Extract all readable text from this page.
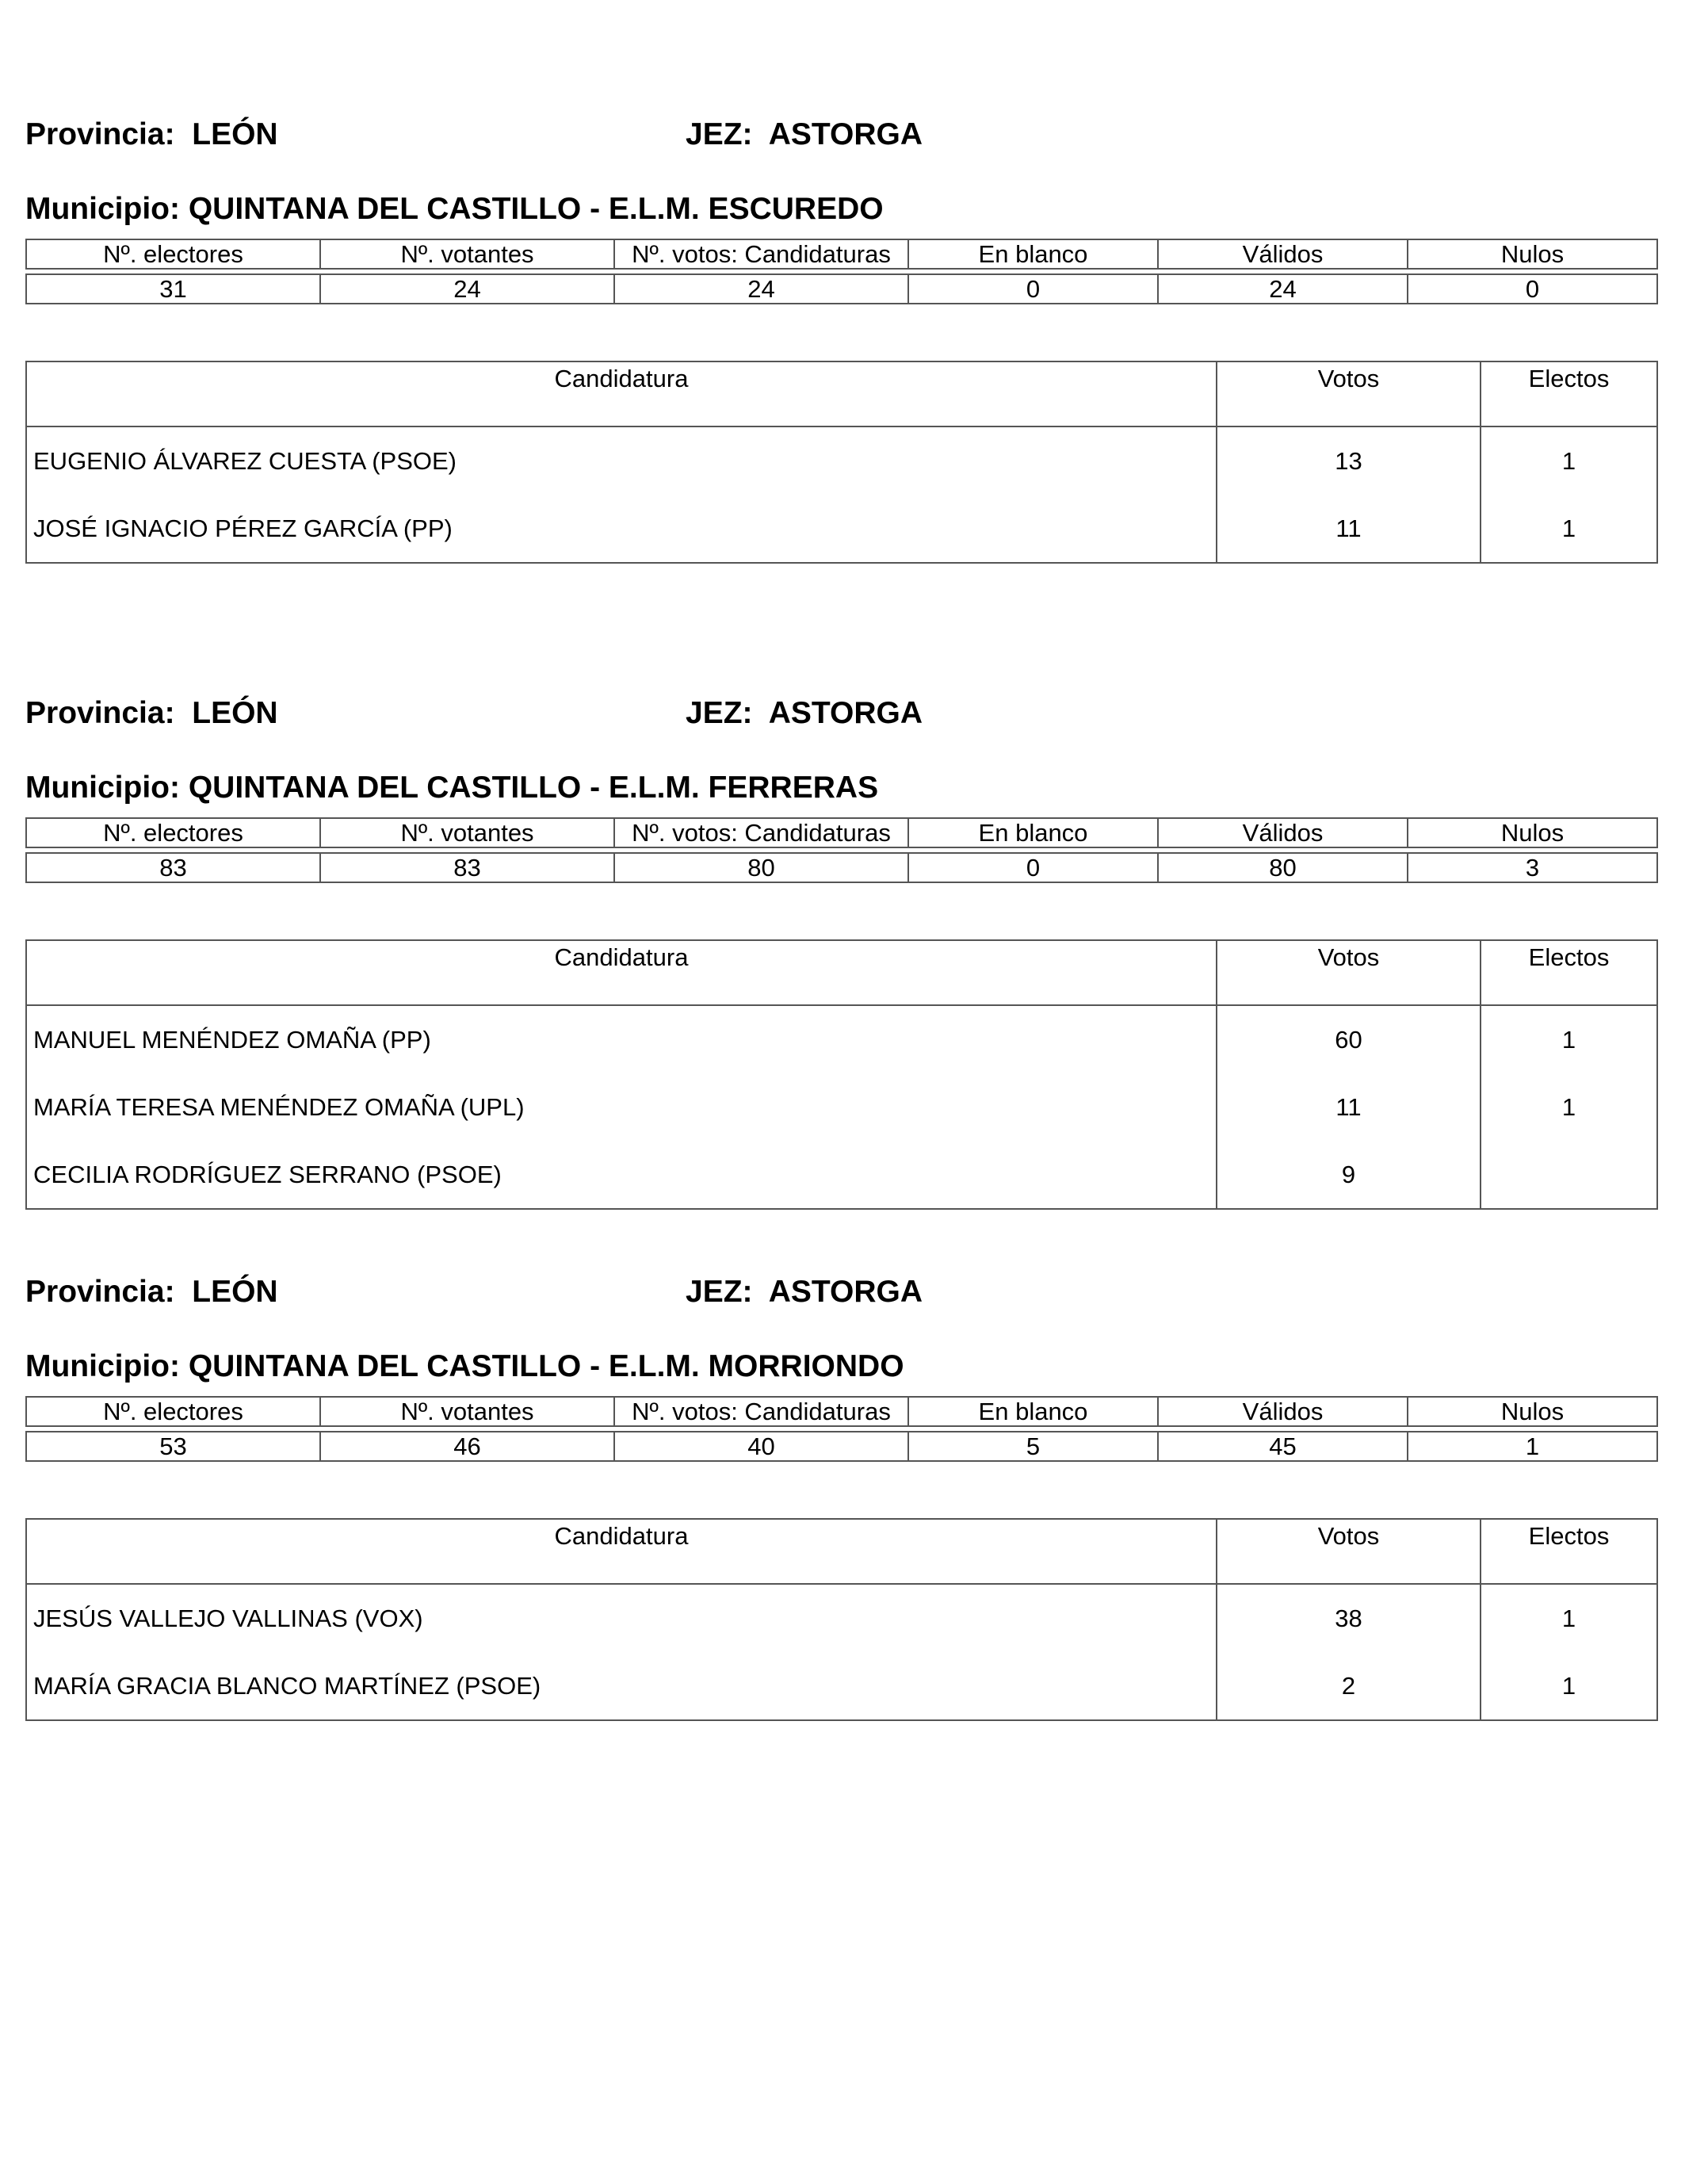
Provincia: LEÓN	JEZ: ASTORGA
Municipio: QUINTANA DEL CASTILLO - E.L.M. ESCUREDO
Nº. electores	Nº. votantes	Nº. votos: Candidaturas	En blanco	Válidos	Nulos

31	24	24	0	24	0
Candidatura	Votos	Electos
EUGENIO ÁLVAREZ CUESTA (PSOE)	13	1
JOSÉ IGNACIO PÉREZ GARCÍA (PP)	11	1
Provincia: LEÓN	JEZ: ASTORGA
Municipio: QUINTANA DEL CASTILLO - E.L.M. FERRERAS
Nº. electores	Nº. votantes	Nº. votos: Candidaturas	En blanco	Válidos	Nulos

83	83	80	0	80	3
Candidatura	Votos	Electos
MANUEL MENÉNDEZ OMAÑA (PP)	60	1
MARÍA TERESA MENÉNDEZ OMAÑA (UPL)	11	1
CECILIA RODRÍGUEZ SERRANO (PSOE)	9	
Provincia: LEÓN	JEZ: ASTORGA
Municipio: QUINTANA DEL CASTILLO - E.L.M. MORRIONDO
Nº. electores	Nº. votantes	Nº. votos: Candidaturas	En blanco	Válidos	Nulos

53	46	40	5	45	1
Candidatura	Votos	Electos
JESÚS VALLEJO VALLINAS (VOX)	38	1
MARÍA GRACIA BLANCO MARTÍNEZ (PSOE)	2	1
